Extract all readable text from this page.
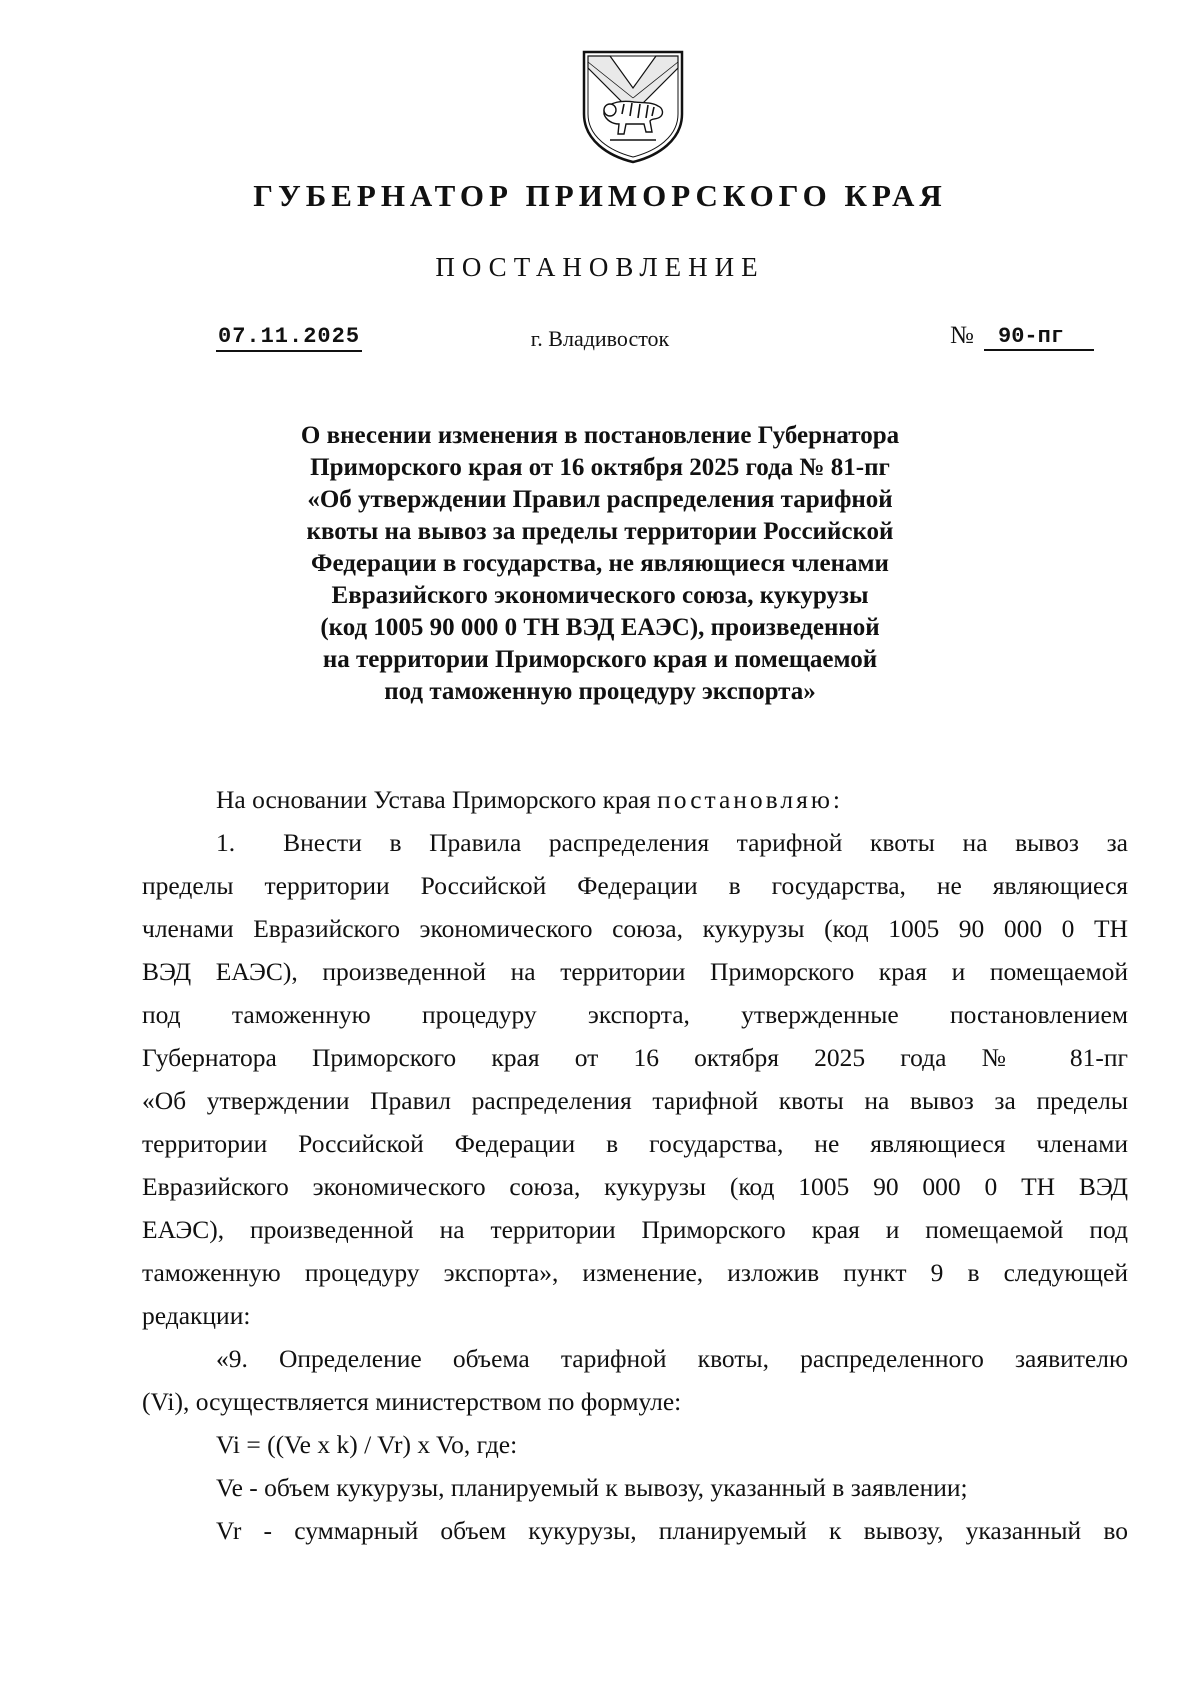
ГУБЕРНАТОР ПРИМОРСКОГО КРАЯ
ПОСТАНОВЛЕНИЕ
07.11.2025	г. Владивосток	№	90-пг
О внесении изменения в постановление Губернатора
Приморского края от 16 октября 2025 года № 81-пг
«Об утверждении Правил распределения тарифной
квоты на вывоз за пределы территории Российской
Федерации в государства, не являющиеся членами
Евразийского экономического союза, кукурузы
(код 1005 90 000 0 ТН ВЭД ЕАЭС), произведенной
на территории Приморского края и помещаемой
под таможенную процедуру экспорта»

На основании Устава Приморского края постановляю:

1. Внести в Правила распределения тарифной квоты на вывоз за
пределы территории Российской Федерации в государства, не являющиеся
членами Евразийского экономического союза, кукурузы (код 1005 90 000 0 ТН
ВЭД ЕАЭС), произведенной на территории Приморского края и помещаемой
под таможенную процедуру экспорта, утвержденные постановлением
Губернатора Приморского края от 16 октября 2025 года № 81-пг
«Об утверждении Правил распределения тарифной квоты на вывоз за пределы
территории Российской Федерации в государства, не являющиеся членами
Евразийского экономического союза, кукурузы (код 1005 90 000 0 ТН ВЭД
ЕАЭС), произведенной на территории Приморского края и помещаемой под
таможенную процедуру экспорта», изменение, изложив пункт 9 в следующей
редакции:
«9. Определение объема тарифной квоты, распределенного заявителю
(Vi), осуществляется министерством по формуле:

Vi = ((Ve x k) / Vr) x Vo, где:

Ve - объем кукурузы, планируемый к вывозу, указанный в заявлении;

Vr - суммарный объем кукурузы, планируемый к вывозу, указанный во
